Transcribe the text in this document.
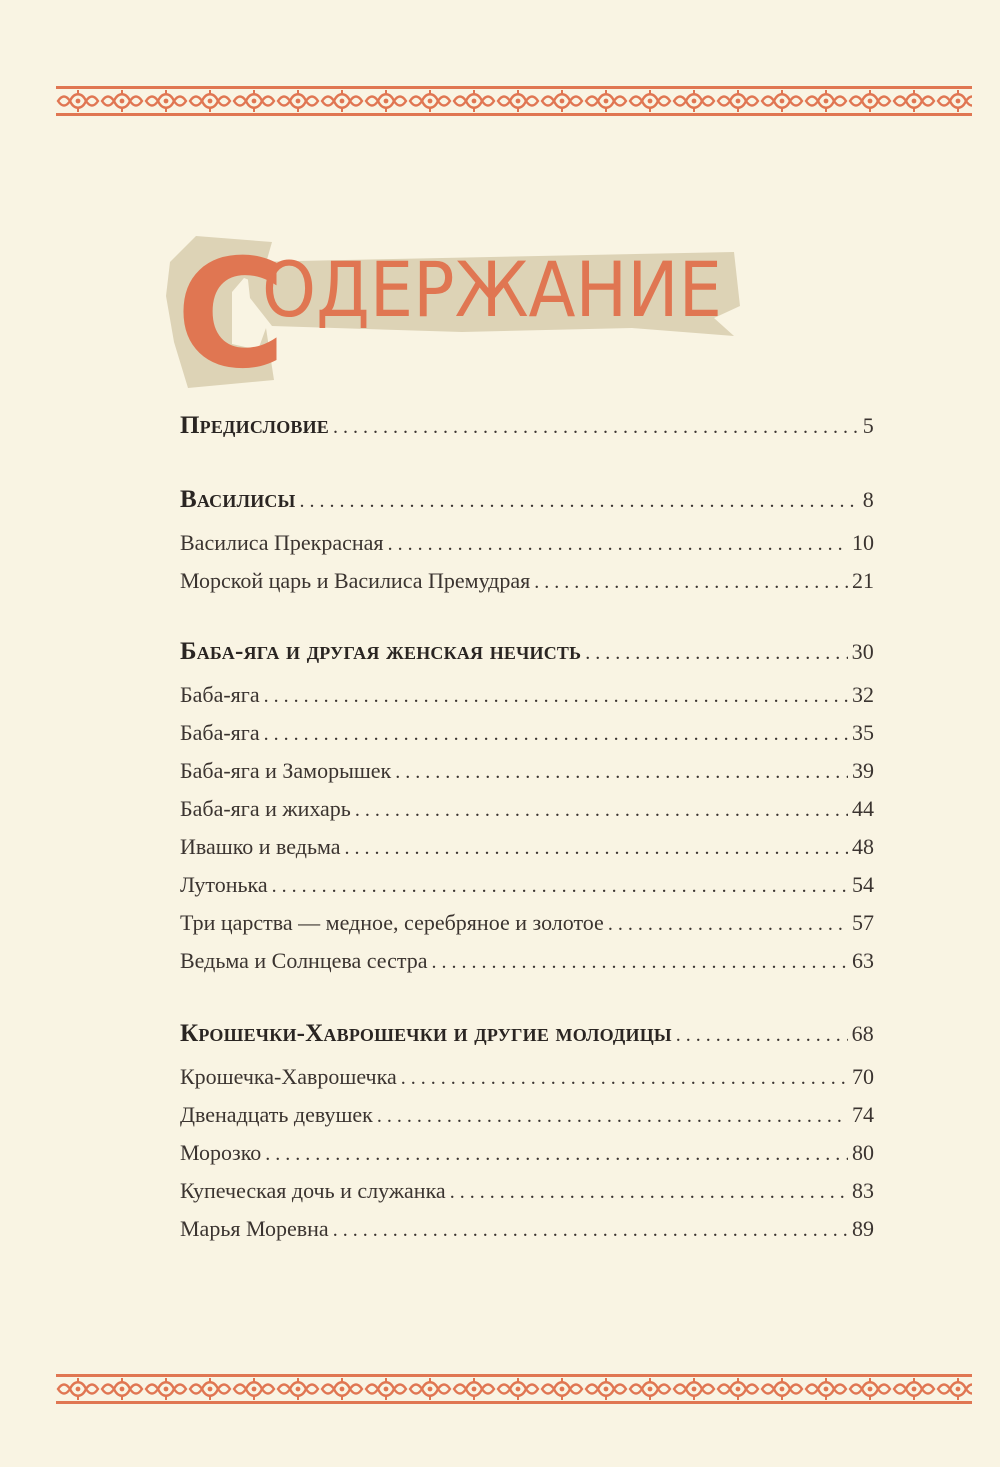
С
ОДЕРЖАНИЕ
Предисловие . . .	5
Василисы . . .	8
Василиса Прекрасная . . .	10
Морской царь и Василиса Премудрая . . .	21
Баба-яга и другая женская нечисть . . .	30
Баба-яга . . .	32
Баба-яга . . .	35
Баба-яга и Заморышек . . .	39
Баба-яга и жихарь . . .	44
Ивашко и ведьма . . .	48
Лутонька . . .	54
Три царства — медное, серебряное и золотое . . .	57
Ведьма и Солнцева сестра . . .	63
Крошечки-Хаврошечки и другие молодицы . . .	68
Крошечка-Хаврошечка . . .	70
Двенадцать девушек . . .	74
Морозко . . .	80
Купеческая дочь и служанка . . .	83
Марья Моревна . . .	89
